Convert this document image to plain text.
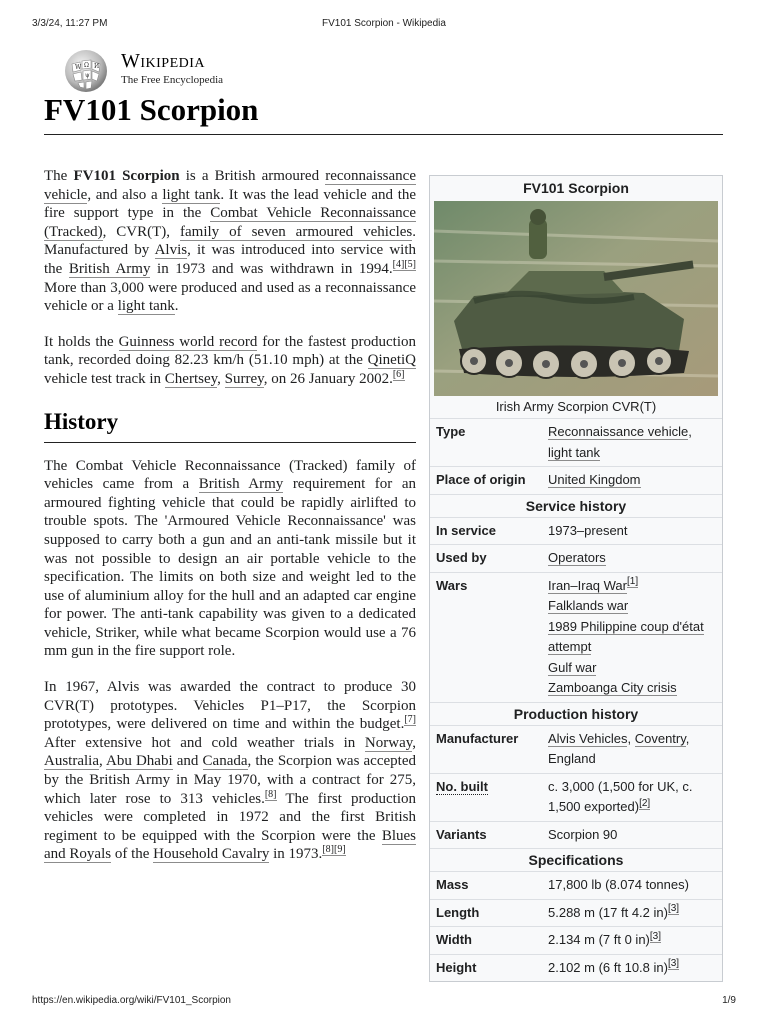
3/3/24, 11:27 PM	FV101 Scorpion - Wikipedia
W Ω И
ψ
Wikipedia
The Free Encyclopedia
FV101 Scorpion

The FV101 Scorpion is a British armoured reconnaissance vehicle, and also a light tank. It was the lead vehicle and the fire support type in the Combat Vehicle Reconnaissance (Tracked), CVR(T), family of seven armoured vehicles. Manufactured by Alvis, it was introduced into service with the British Army in 1973 and was withdrawn in 1994.[4][5] More than 3,000 were produced and used as a reconnaissance vehicle or a light tank.

It holds the Guinness world record for the fastest production tank, recorded doing 82.23 km/h (51.10 mph) at the QinetiQ vehicle test track in Chertsey, Surrey, on 26 January 2002.[6]

History

The Combat Vehicle Reconnaissance (Tracked) family of vehicles came from a British Army requirement for an armoured fighting vehicle that could be rapidly airlifted to trouble spots. The 'Armoured Vehicle Reconnaissance' was supposed to carry both a gun and an anti-tank missile but it was not possible to design an air portable vehicle to the specification. The limits on both size and weight led to the use of aluminium alloy for the hull and an adapted car engine for power. The anti-tank capability was given to a dedicated vehicle, Striker, while what became Scorpion would use a 76 mm gun in the fire support role.

In 1967, Alvis was awarded the contract to produce 30 CVR(T) prototypes. Vehicles P1–P17, the Scorpion prototypes, were delivered on time and within the budget.[7] After extensive hot and cold weather trials in Norway, Australia, Abu Dhabi and Canada, the Scorpion was accepted by the British Army in May 1970, with a contract for 275, which later rose to 313 vehicles.[8] The first production vehicles were completed in 1972 and the first British regiment to be equipped with the Scorpion were the Blues and Royals of the Household Cavalry in 1973.[8][9]

FV101 Scorpion
Irish Army Scorpion CVR(T)
Type	Reconnaissance vehicle,
light tank
Place of origin	United Kingdom
Service history
In service	1973–present
Used by	Operators
Wars	Iran–Iraq War[1]
Falklands war
1989 Philippine coup d'état attempt
Gulf war
Zamboanga City crisis
Production history
Manufacturer	Alvis Vehicles, Coventry, England
No. built	c. 3,000 (1,500 for UK, c. 1,500 exported)[2]
Variants	Scorpion 90
Specifications
Mass	17,800 lb (8.074 tonnes)
Length	5.288 m (17 ft 4.2 in)[3]
Width	2.134 m (7 ft 0 in)[3]
Height	2.102 m (6 ft 10.8 in)[3]
https://en.wikipedia.org/wiki/FV101_Scorpion	1/9
